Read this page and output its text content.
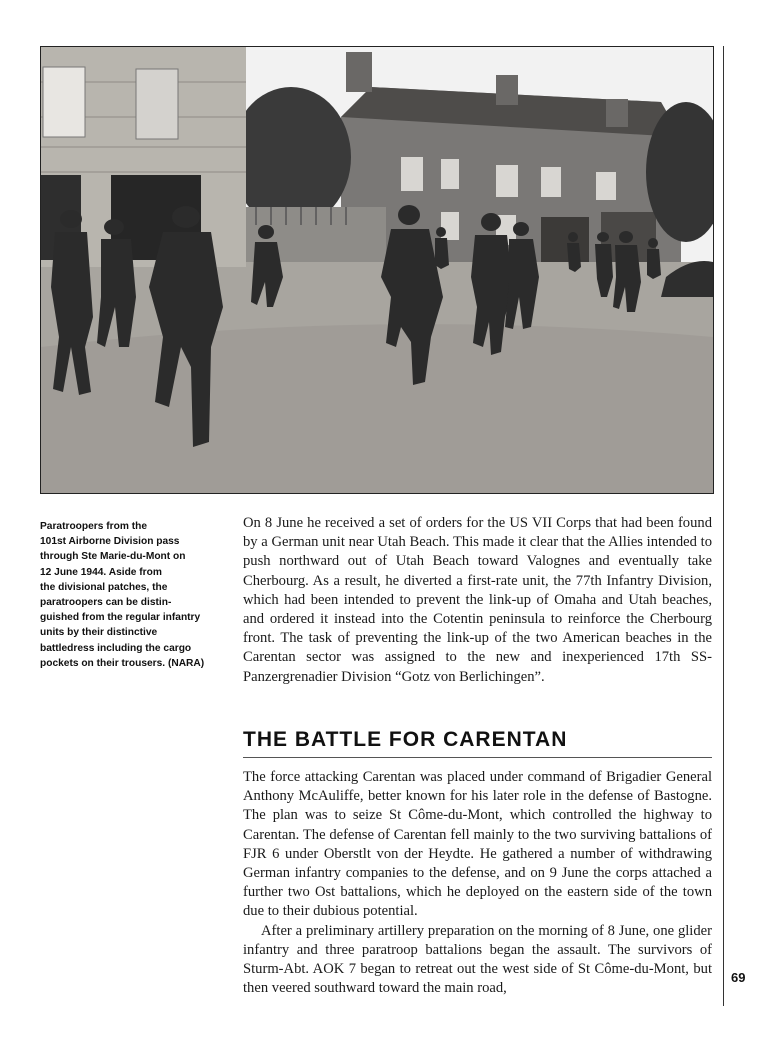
Paratroopers from the
101st Airborne Division pass
through Ste Marie-du-Mont on
12 June 1944. Aside from
the divisional patches, the
paratroopers can be distin-
guished from the regular infantry
units by their distinctive
battledress including the cargo
pockets on their trousers. (NARA)

On 8 June he received a set of orders for the US VII Corps that had been found by a German unit near Utah Beach. This made it clear that the Allies intended to push northward out of Utah Beach toward Valognes and eventually take Cherbourg. As a result, he diverted a first-rate unit, the 77th Infantry Division, which had been intended to prevent the link-up of Omaha and Utah beaches, and ordered it instead into the Cotentin peninsula to reinforce the Cherbourg front. The task of preventing the link-up of the two American beaches in the Carentan sector was assigned to the new and inexperienced 17th SS-Panzergrenadier Division “Gotz von Berlichingen”.

THE BATTLE FOR CARENTAN

The force attacking Carentan was placed under command of Brigadier General Anthony McAuliffe, better known for his later role in the defense of Bastogne. The plan was to seize St Côme-du-Mont, which controlled the highway to Carentan. The defense of Carentan fell mainly to the two surviving battalions of FJR 6 under Oberstlt von der Heydte. He gathered a number of withdrawing German infantry companies to the defense, and on 9 June the corps attached a further two Ost battalions, which he deployed on the eastern side of the town due to their dubious potential.

After a preliminary artillery preparation on the morning of 8 June, one glider infantry and three paratroop battalions began the assault. The survivors of Sturm-Abt. AOK 7 began to retreat out the west side of St Côme-du-Mont, but then veered southward toward the main road,

69
